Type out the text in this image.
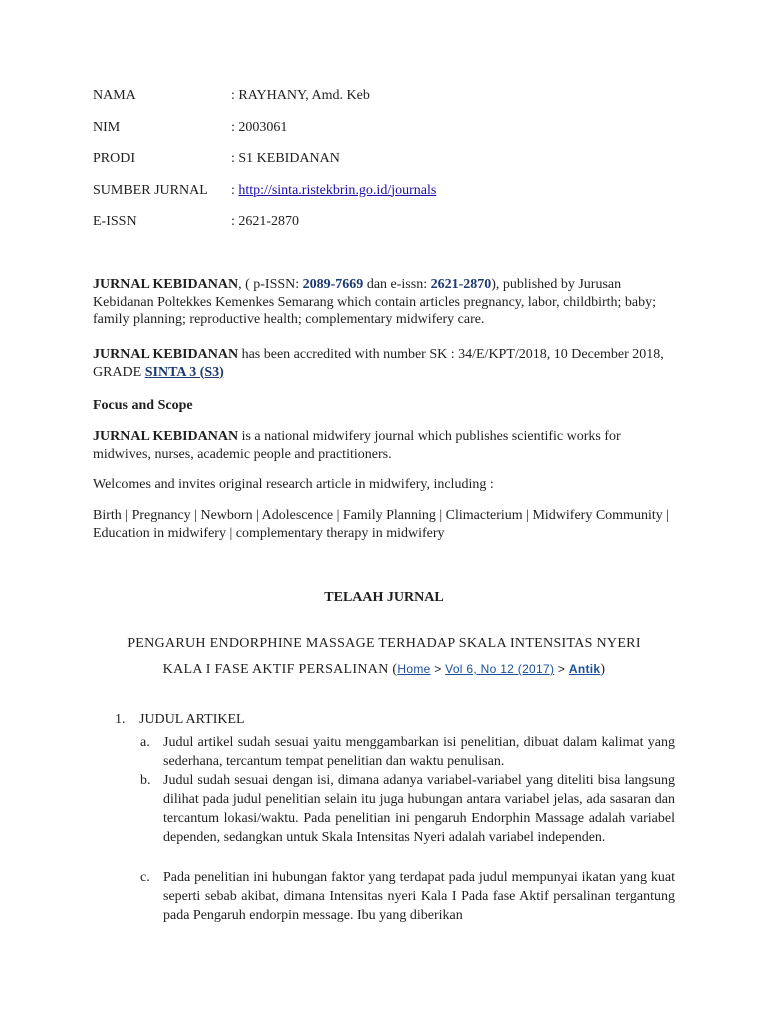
NAMA	: RAYHANY, Amd. Keb
NIM	: 2003061
PRODI	: S1 KEBIDANAN
SUMBER JURNAL : http://sinta.ristekbrin.go.id/journals
E-ISSN	: 2621-2870
JURNAL KEBIDANAN, ( p-ISSN: 2089-7669 dan e-issn: 2621-2870), published by Jurusan Kebidanan Poltekkes Kemenkes Semarang which contain articles pregnancy, labor, childbirth; baby; family planning; reproductive health; complementary midwifery care.
JURNAL KEBIDANAN has been accredited with number SK : 34/E/KPT/2018, 10 December 2018, GRADE SINTA 3 (S3)
Focus and Scope
JURNAL KEBIDANAN is a national midwifery journal which publishes scientific works for midwives, nurses, academic people and practitioners.
Welcomes and invites original research article in midwifery, including :
Birth | Pregnancy | Newborn | Adolescence | Family Planning | Climacterium | Midwifery Community | Education in midwifery | complementary therapy in midwifery
TELAAH JURNAL
PENGARUH ENDORPHINE MASSAGE TERHADAP SKALA INTENSITAS NYERI
KALA I FASE AKTIF PERSALINAN (Home > Vol 6, No 12 (2017) > Antik)
1. JUDUL ARTIKEL
a. Judul artikel sudah sesuai yaitu menggambarkan isi penelitian, dibuat dalam kalimat yang sederhana, tercantum tempat penelitian dan waktu penulisan.
b. Judul sudah sesuai dengan isi, dimana adanya variabel-variabel yang diteliti bisa langsung dilihat pada judul penelitian selain itu juga hubungan antara variabel jelas, ada sasaran dan tercantum lokasi/waktu. Pada penelitian ini pengaruh Endorphin Massage adalah variabel dependen, sedangkan untuk Skala Intensitas Nyeri adalah variabel independen.
c. Pada penelitian ini hubungan faktor yang terdapat pada judul mempunyai ikatan yang kuat seperti sebab akibat, dimana Intensitas nyeri Kala I Pada fase Aktif persalinan tergantung pada Pengaruh endorpin message. Ibu yang diberikan
